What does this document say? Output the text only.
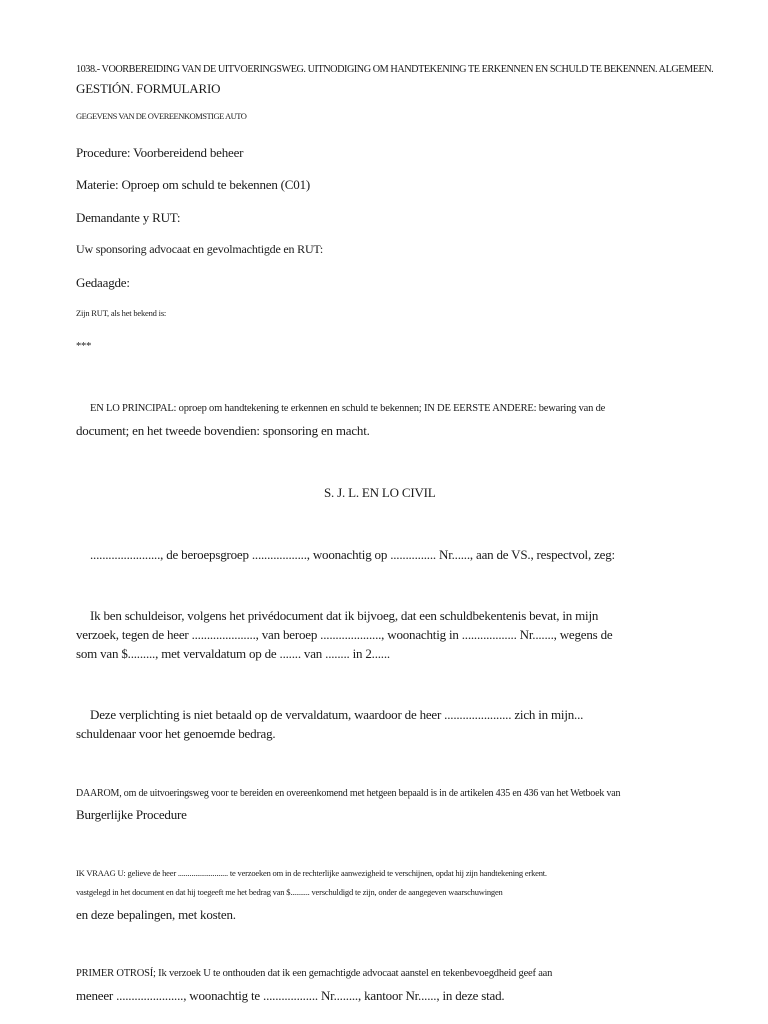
1038.- VOORBEREIDING VAN DE UITVOERINGSWEG. UITNODIGING OM HANDTEKENING TE ERKENNEN EN SCHULD TE BEKENNEN. ALGEMEEN.

GESTIÓN. FORMULARIO

GEGEVENS VAN DE OVEREENKOMSTIGE AUTO

Procedure: Voorbereidend beheer

Materie: Oproep om schuld te bekennen (C01)

Demandante y RUT:

Uw sponsoring advocaat en gevolmachtigde en RUT:

Gedaagde:

Zijn RUT, als het bekend is:

***

EN LO PRINCIPAL: oproep om handtekening te erkennen en schuld te bekennen; IN DE EERSTE ANDERE: bewaring van de

document; en het tweede bovendien: sponsoring en macht.

S. J. L. EN LO CIVIL

......................., de beroepsgroep .................., woonachtig op ............... Nr......, aan de VS., respectvol, zeg:

Ik ben schuldeisor, volgens het privédocument dat ik bijvoeg, dat een schuldbekentenis bevat, in mijn

verzoek, tegen de heer ....................., van beroep ...................., woonachtig in .................. Nr......., wegens de

som van $........., met vervaldatum op de ....... van ........ in 2......

Deze verplichting is niet betaald op de vervaldatum, waardoor de heer ...................... zich in mijn...

schuldenaar voor het genoemde bedrag.

DAAROM, om de uitvoeringsweg voor te bereiden en overeenkomend met hetgeen bepaald is in de artikelen 435 en 436 van het Wetboek van

Burgerlijke Procedure

IK VRAAG U: gelieve de heer .......................... te verzoeken om in de rechterlijke aanwezigheid te verschijnen, opdat hij zijn handtekening erkent.

vastgelegd in het document en dat hij toegeeft me het bedrag van $.......... verschuldigd te zijn, onder de aangegeven waarschuwingen

en deze bepalingen, met kosten.

PRIMER OTROSÍ; Ik verzoek U te onthouden dat ik een gemachtigde advocaat aanstel en tekenbevoegdheid geef aan

meneer ......................, woonachtig te .................. Nr........, kantoor Nr......, in deze stad.
